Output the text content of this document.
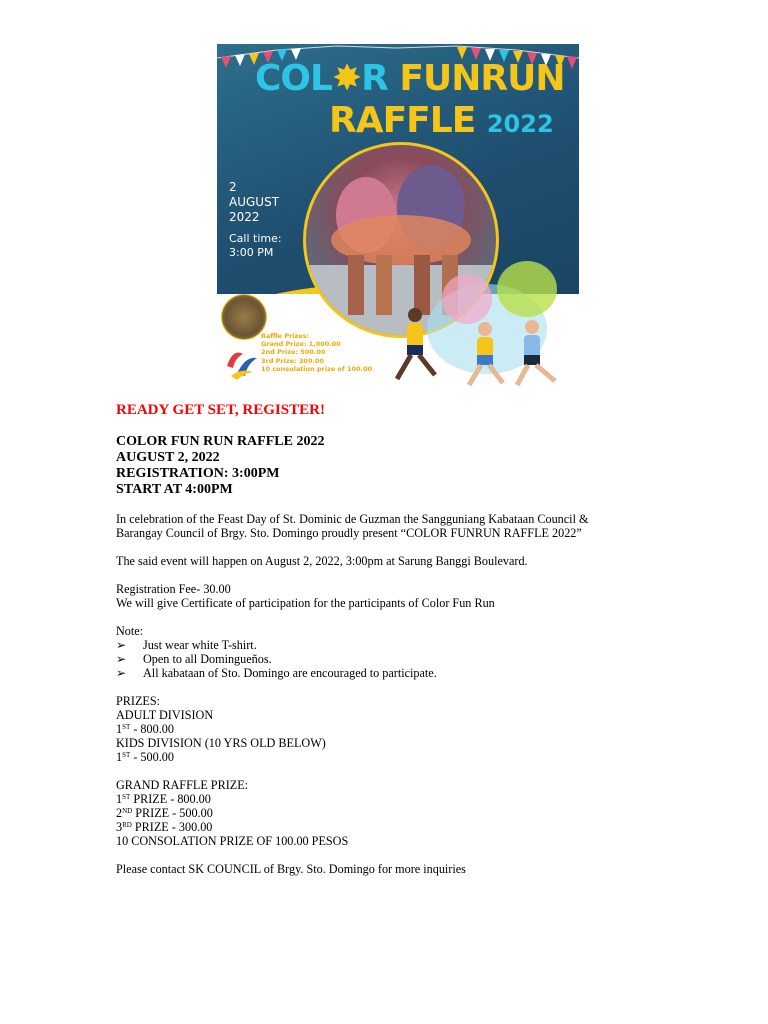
COL✸R FUNRUN
RAFFLE 2022
2
AUGUST
2022
Call time:
3:00 PM
Raffle Prizes:
Grand Prize: 1,000.00
2nd Prize: 500.00
3rd Prize: 300.00
10 consolation prize of 100.00
READY GET SET, REGISTER!
COLOR FUN RUN RAFFLE 2022
AUGUST 2, 2022
REGISTRATION: 3:00PM
START AT 4:00PM
In celebration of the Feast Day of St. Dominic de Guzman the Sangguniang Kabataan Council &
Barangay Council of Brgy. Sto. Domingo proudly present “COLOR FUNRUN RAFFLE 2022”
The said event will happen on August 2, 2022, 3:00pm at Sarung Banggi Boulevard.
Registration Fee- 30.00
We will give Certificate of participation for the participants of Color Fun Run
Note:
➢ Just wear white T-shirt.
➢ Open to all Domingueños.
➢ All kabataan of Sto. Domingo are encouraged to participate.
PRIZES:
ADULT DIVISION
1ST - 800.00
KIDS DIVISION (10 YRS OLD BELOW)
1ST - 500.00
GRAND RAFFLE PRIZE:
1ST PRIZE - 800.00
2ND PRIZE - 500.00
3RD PRIZE - 300.00
10 CONSOLATION PRIZE OF 100.00 PESOS
Please contact SK COUNCIL of Brgy. Sto. Domingo for more inquiries
